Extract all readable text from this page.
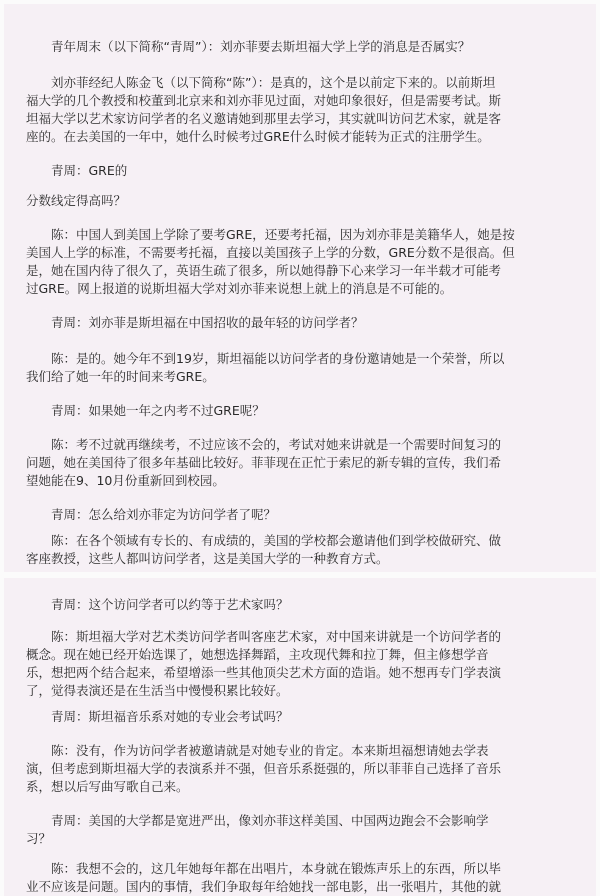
　　青年周末（以下简称“青周”）：刘亦菲要去斯坦福大学上学的消息是否属实？

　　刘亦菲经纪人陈金飞（以下简称“陈”）：是真的，这个是以前定下来的。以前斯坦
福大学的几个教授和校董到北京来和刘亦菲见过面，对她印象很好，但是需要考试。斯
坦福大学以艺术家访问学者的名义邀请她到那里去学习，其实就叫访问艺术家，就是客
座的。在去美国的一年中，她什么时候考过GRE什么时候才能转为正式的注册学生。

　　青周：GRE的

分数线定得高吗？

　　陈：中国人到美国上学除了要考GRE，还要考托福，因为刘亦菲是美籍华人，她是按
美国人上学的标准，不需要考托福，直接以美国孩子上学的分数，GRE分数不是很高。但
是，她在国内待了很久了，英语生疏了很多，所以她得静下心来学习一年半载才可能考
过GRE。网上报道的说斯坦福大学对刘亦菲来说想上就上的消息是不可能的。

　　青周：刘亦菲是斯坦福在中国招收的最年轻的访问学者？

　　陈：是的。她今年不到19岁，斯坦福能以访问学者的身份邀请她是一个荣誉，所以
我们给了她一年的时间来考GRE。

　　青周：如果她一年之内考不过GRE呢？

　　陈：考不过就再继续考，不过应该不会的，考试对她来讲就是一个需要时间复习的
问题，她在美国待了很多年基础比较好。菲菲现在正忙于索尼的新专辑的宣传，我们希
望她能在9、10月份重新回到校园。

　　青周：怎么给刘亦菲定为访问学者了呢？

　　陈：在各个领域有专长的、有成绩的，美国的学校都会邀请他们到学校做研究、做
客座教授，这些人都叫访问学者，这是美国大学的一种教育方式。

　　青周：这个访问学者可以约等于艺术家吗？

　　陈：斯坦福大学对艺术类访问学者叫客座艺术家，对中国来讲就是一个访问学者的
概念。现在她已经开始选课了，她想选择舞蹈，主攻现代舞和拉丁舞，但主修想学音
乐，想把两个结合起来，希望增添一些其他顶尖艺术方面的造诣。她不想再专门学表演
了，觉得表演还是在生活当中慢慢积累比较好。

　　青周：斯坦福音乐系对她的专业会考试吗？

　　陈：没有，作为访问学者被邀请就是对她专业的肯定。本来斯坦福想请她去学表
演，但考虑到斯坦福大学的表演系并不强，但音乐系挺强的，所以菲菲自己选择了音乐
系，想以后写曲写歌自己来。

　　青周：美国的大学都是宽进严出，像刘亦菲这样美国、中国两边跑会不会影响学
习？

　　陈：我想不会的，这几年她每年都在出唱片，本身就在锻炼声乐上的东西，所以毕
业不应该是问题。国内的事情，我们争取每年给她找一部电影，出一张唱片，其他的就
